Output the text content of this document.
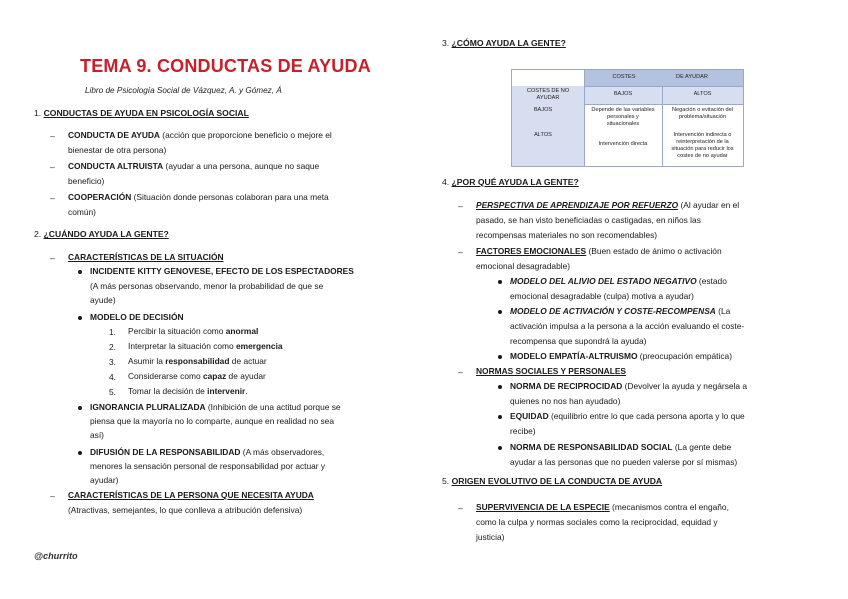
TEMA 9. CONDUCTAS DE AYUDA
Libro de Psicología Social de Vázquez, A. y Gómez, Á
1. CONDUCTAS DE AYUDA EN PSICOLOGÍA SOCIAL
– CONDUCTA DE AYUDA (acción que proporcione beneficio o mejore el
bienestar de otra persona)
– CONDUCTA ALTRUISTA (ayudar a una persona, aunque no saque
beneficio)
– COOPERACIÓN (Situación donde personas colaboran para una meta
común)
2. ¿CUÁNDO AYUDA LA GENTE?
– CARACTERÍSTICAS DE LA SITUACIÓN
INCIDENTE KITTY GENOVESE, EFECTO DE LOS ESPECTADORES
(A más personas observando, menor la probabilidad de que se
ayude)
MODELO DE DECISIÓN
1. Percibir la situación como anormal
2. Interpretar la situación como emergencia
3. Asumir la responsabilidad de actuar
4. Considerarse como capaz de ayudar
5. Tomar la decisión de intervenir.
IGNORANCIA PLURALIZADA (Inhibición de una actitud porque se
piensa que la mayoría no lo comparte, aunque en realidad no sea
así)
DIFUSIÓN DE LA RESPONSABILIDAD (A más observadores,
menores la sensación personal de responsabilidad por actuar y
ayudar)
– CARACTERÍSTICAS DE LA PERSONA QUE NECESITA AYUDA
(Atractivas, semejantes, lo que conlleva a atribución defensiva)
3. ¿CÓMO AYUDA LA GENTE?
COSTES	DE AYUDAR
COSTES DE NO
AYUDAR
BAJOS
ALTOS
BAJOS	ALTOS
Depende de las variables
personales y
situacionales
Negación o evitación del
problema/situación
Intervención directa
Intervención indirecta o
reinterpretación de la
situación para reducir los
costes de no ayudar
4. ¿POR QUÉ AYUDA LA GENTE?
– PERSPECTIVA DE APRENDIZAJE POR REFUERZO (Al ayudar en el
pasado, se han visto beneficiadas o castigadas, en niños las
recompensas materiales no son recomendables)
– FACTORES EMOCIONALES (Buen estado de ánimo o activación
emocional desagradable)
MODELO DEL ALIVIO DEL ESTADO NEGATIVO (estado
emocional desagradable (culpa) motiva a ayudar)
MODELO DE ACTIVACIÓN Y COSTE-RECOMPENSA (La
activación impulsa a la persona a la acción evaluando el coste-
recompensa que supondrá la ayuda)
MODELO EMPATÍA-ALTRUISMO (preocupación empática)
– NORMAS SOCIALES Y PERSONALES
NORMA DE RECIPROCIDAD (Devolver la ayuda y negársela a
quienes no nos han ayudado)
EQUIDAD (equilibrio entre lo que cada persona aporta y lo que
recibe)
NORMA DE RESPONSABILIDAD SOCIAL (La gente debe
ayudar a las personas que no pueden valerse por sí mismas)
5. ORIGEN EVOLUTIVO DE LA CONDUCTA DE AYUDA
– SUPERVIVENCIA DE LA ESPECIE (mecanismos contra el engaño,
como la culpa y normas sociales como la reciprocidad, equidad y
justicia)
@churrito
